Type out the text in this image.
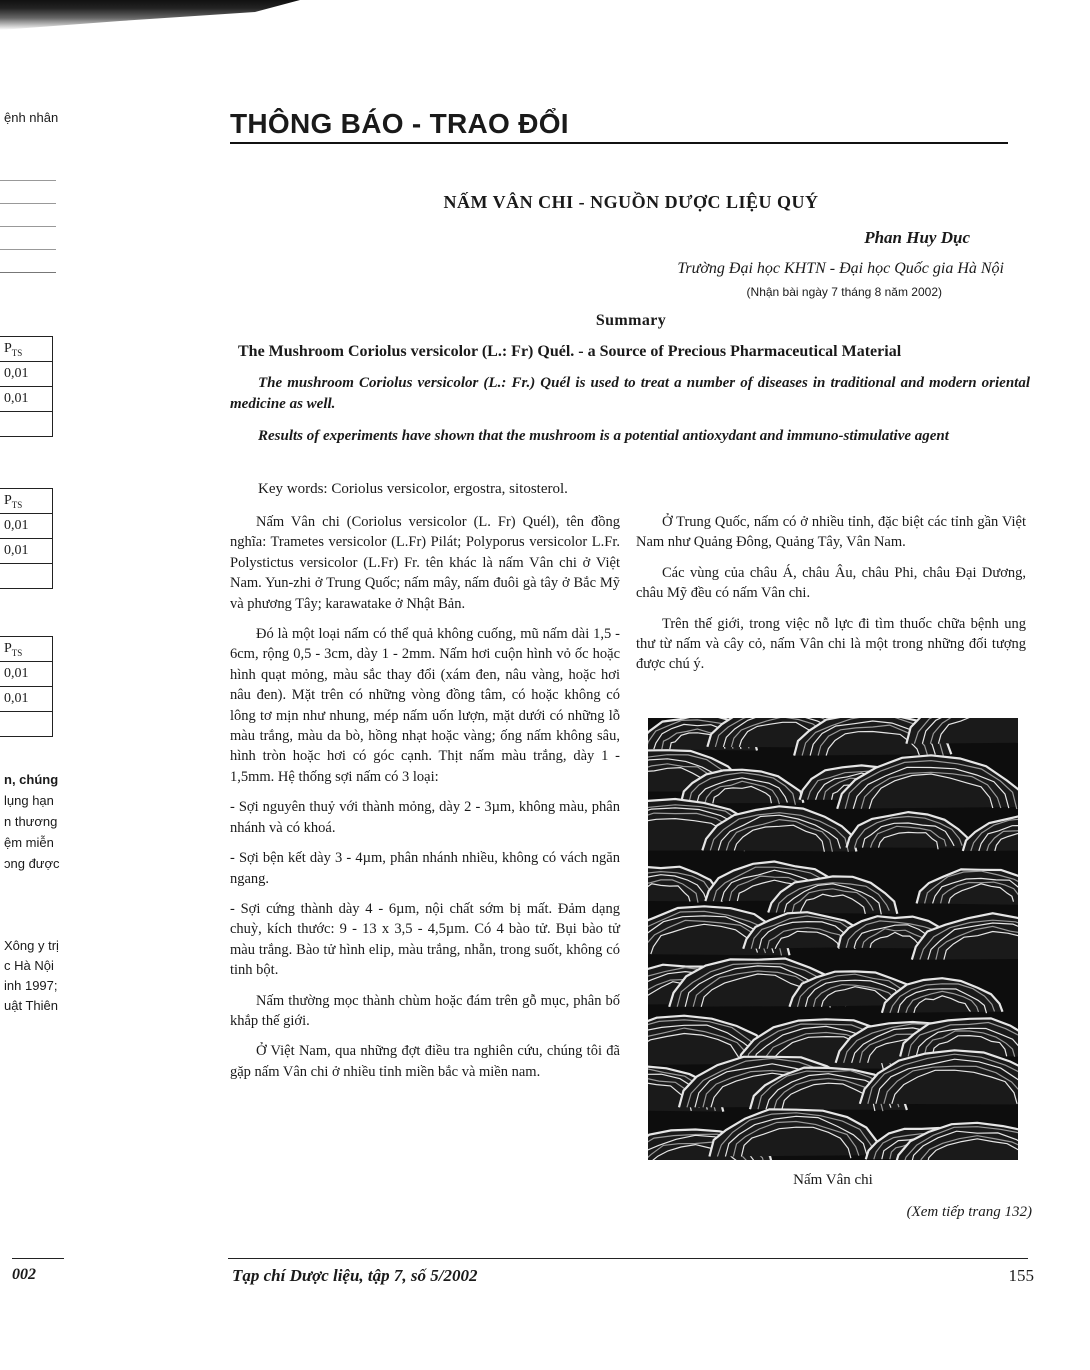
ệnh nhân
$P_{TS}$
0,01
0,01
$P_{TS}$
0,01
0,01
$P_{TS}$
0,01
0,01
n, chúng
lụng hạn
n thương
ệm miễn
ɔng được
Xông y trị
c Hà Nội
inh 1997;
uật Thiên
THÔNG BÁO - TRAO ĐỔI
NẤM VÂN CHI - NGUỒN DƯỢC LIỆU QUÝ
Phan Huy Dục
Trường Đại học KHTN - Đại học Quốc gia Hà Nội
(Nhận bài ngày 7 tháng 8 năm 2002)
Summary
The Mushroom Coriolus versicolor (L.: Fr) Quél. - a Source of Precious Pharmaceutical Material
The mushroom Coriolus versicolor (L.: Fr.) Quél is used to treat a number of diseases in traditional and modern oriental medicine as well.
Results of experiments have shown that the mushroom is a potential antioxydant and immuno-stimulative agent
Key words: Coriolus versicolor, ergostra, sitosterol.

Nấm Vân chi (Coriolus versicolor (L. Fr) Quél), tên đồng nghĩa: Trametes versicolor (L.Fr) Pilát; Polyporus versicolor L.Fr. Polystictus versicolor (L.Fr) Fr. tên khác là nấm Vân chi ở Việt Nam. Yun-zhi ở Trung Quốc; nấm mây, nấm đuôi gà tây ở Bắc Mỹ và phương Tây; karawatake ở Nhật Bản.

Đó là một loại nấm có thể quả không cuống, mũ nấm dài 1,5 - 6cm, rộng 0,5 - 3cm, dày 1 - 2mm. Nấm hơi cuộn hình vỏ ốc hoặc hình quạt mỏng, màu sắc thay đổi (xám đen, nâu vàng, hoặc hơi nâu đen). Mặt trên có những vòng đồng tâm, có hoặc không có lông tơ mịn như nhung, mép nấm uốn lượn, mặt dưới có những lỗ màu trắng, màu da bò, hồng nhạt hoặc vàng; ống nấm không sâu, hình tròn hoặc hơi có góc cạnh. Thịt nấm màu trắng, dày 1 - 1,5mm. Hệ thống sợi nấm có 3 loại:

- Sợi nguyên thuỷ với thành mỏng, dày 2 - 3µm, không màu, phân nhánh và có khoá.

- Sợi bện kết dày 3 - 4µm, phân nhánh nhiều, không có vách ngăn ngang.

- Sợi cứng thành dày 4 - 6µm, nội chất sớm bị mất. Đảm dạng chuỳ, kích thước: 9 - 13 x 3,5 - 4,5µm. Có 4 bào tử. Bụi bào tử màu trắng. Bào tử hình elip, màu trắng, nhẵn, trong suốt, không có tinh bột.

Nấm thường mọc thành chùm hoặc đám trên gỗ mục, phân bố khắp thế giới.

Ở Việt Nam, qua những đợt điều tra nghiên cứu, chúng tôi đã gặp nấm Vân chi ở nhiều tỉnh miền bắc và miền nam.

Ở Trung Quốc, nấm có ở nhiều tỉnh, đặc biệt các tỉnh gần Việt Nam như Quảng Đông, Quảng Tây, Vân Nam.

Các vùng của châu Á, châu Âu, châu Phi, châu Đại Dương, châu Mỹ đều có nấm Vân chi.

Trên thế giới, trong việc nỗ lực đi tìm thuốc chữa bệnh ung thư từ nấm và cây cỏ, nấm Vân chi là một trong những đối tượng được chú ý.

Nấm Vân chi
(Xem tiếp trang 132)
002	Tạp chí Dược liệu, tập 7, số 5/2002	155
